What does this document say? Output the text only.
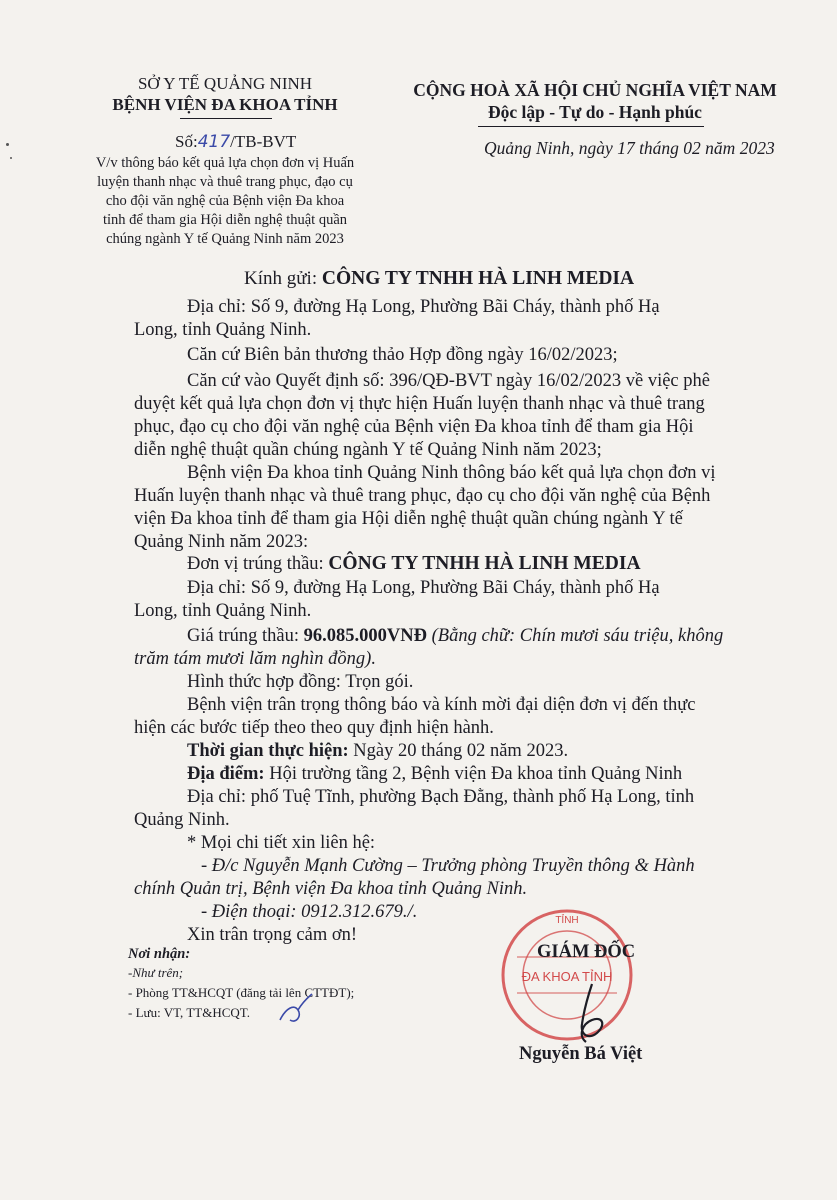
SỞ Y TẾ QUẢNG NINH
BỆNH VIỆN ĐA KHOA TỈNH
Số:417/TB-BVT
V/v thông báo kết quả lựa chọn đơn vị Huấn
luyện thanh nhạc và thuê trang phục, đạo cụ
cho đội văn nghệ của Bệnh viện Đa khoa
tỉnh để tham gia Hội diễn nghệ thuật quần
chúng ngành Y tế Quảng Ninh năm 2023
CỘNG HOÀ XÃ HỘI CHỦ NGHĨA VIỆT NAM
Độc lập - Tự do - Hạnh phúc
Quảng Ninh, ngày 17 tháng 02 năm 2023
Kính gửi: CÔNG TY TNHH HÀ LINH MEDIA
Địa chỉ: Số 9, đường Hạ Long, Phường Bãi Cháy, thành phố Hạ
Long, tỉnh Quảng Ninh.
Căn cứ Biên bản thương thảo Hợp đồng ngày 16/02/2023;
Căn cứ vào Quyết định số: 396/QĐ-BVT ngày 16/02/2023 về việc phê
duyệt kết quả lựa chọn đơn vị thực hiện Huấn luyện thanh nhạc và thuê trang
phục, đạo cụ cho đội văn nghệ của Bệnh viện Đa khoa tỉnh để tham gia Hội
diễn nghệ thuật quần chúng ngành Y tế Quảng Ninh năm 2023;
Bệnh viện Đa khoa tỉnh Quảng Ninh thông báo kết quả lựa chọn đơn vị
Huấn luyện thanh nhạc và thuê trang phục, đạo cụ cho đội văn nghệ của Bệnh
viện Đa khoa tỉnh để tham gia Hội diễn nghệ thuật quần chúng ngành Y tế
Quảng Ninh năm 2023:
Đơn vị trúng thầu: CÔNG TY TNHH HÀ LINH MEDIA
Địa chỉ: Số 9, đường Hạ Long, Phường Bãi Cháy, thành phố Hạ
Long, tỉnh Quảng Ninh.
Giá trúng thầu: 96.085.000VNĐ (Bằng chữ: Chín mươi sáu triệu, không
trăm tám mươi lăm nghìn đồng).
Hình thức hợp đồng: Trọn gói.
Bệnh viện trân trọng thông báo và kính mời đại diện đơn vị đến thực
hiện các bước tiếp theo theo quy định hiện hành.
Thời gian thực hiện: Ngày 20 tháng 02 năm 2023.
Địa điểm: Hội trường tầng 2, Bệnh viện Đa khoa tỉnh Quảng Ninh
Địa chỉ: phố Tuệ Tĩnh, phường Bạch Đằng, thành phố Hạ Long, tỉnh
Quảng Ninh.
* Mọi chi tiết xin liên hệ:
- Đ/c Nguyễn Mạnh Cường – Trưởng phòng Truyền thông & Hành
chính Quản trị, Bệnh viện Đa khoa tỉnh Quảng Ninh.
- Điện thoại: 0912.312.679./.
Xin trân trọng cảm ơn!
Nơi nhận:
-Như trên;
- Phòng TT&HCQT (đăng tải lên CTTĐT);
- Lưu: VT, TT&HCQT.
TỈNH
ĐA KHOA TỈNH
GIÁM ĐỐC
Nguyễn Bá Việt
